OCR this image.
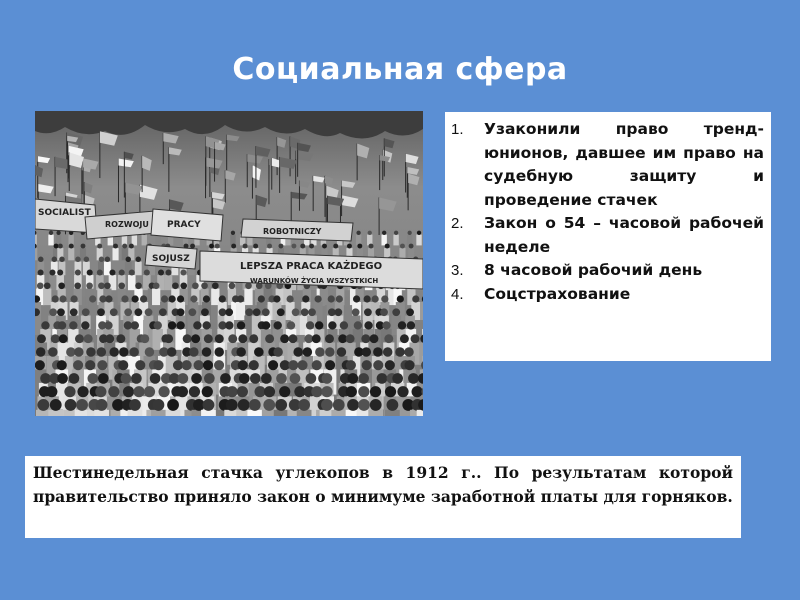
Социальная сфера
SOCIALIST
ROZWOJU PRACY
SOJUSZ
LEPSZA PRACA KAŻDEGO
WARUNKÓW ŻYCIA WSZYSTKICH
ROBOTNICZY
1.	Узаконили право тренд-юнионов, давшее им право на судебную защиту и проведение стачек
2.	Закон о 54 – часовой рабочей неделе
3.	8 часовой рабочий день
4.	Соцстрахование
Шестинедельная стачка углекопов в 1912 г.. По результатам которой правительство приняло закон о минимуме заработной платы для горняков.
